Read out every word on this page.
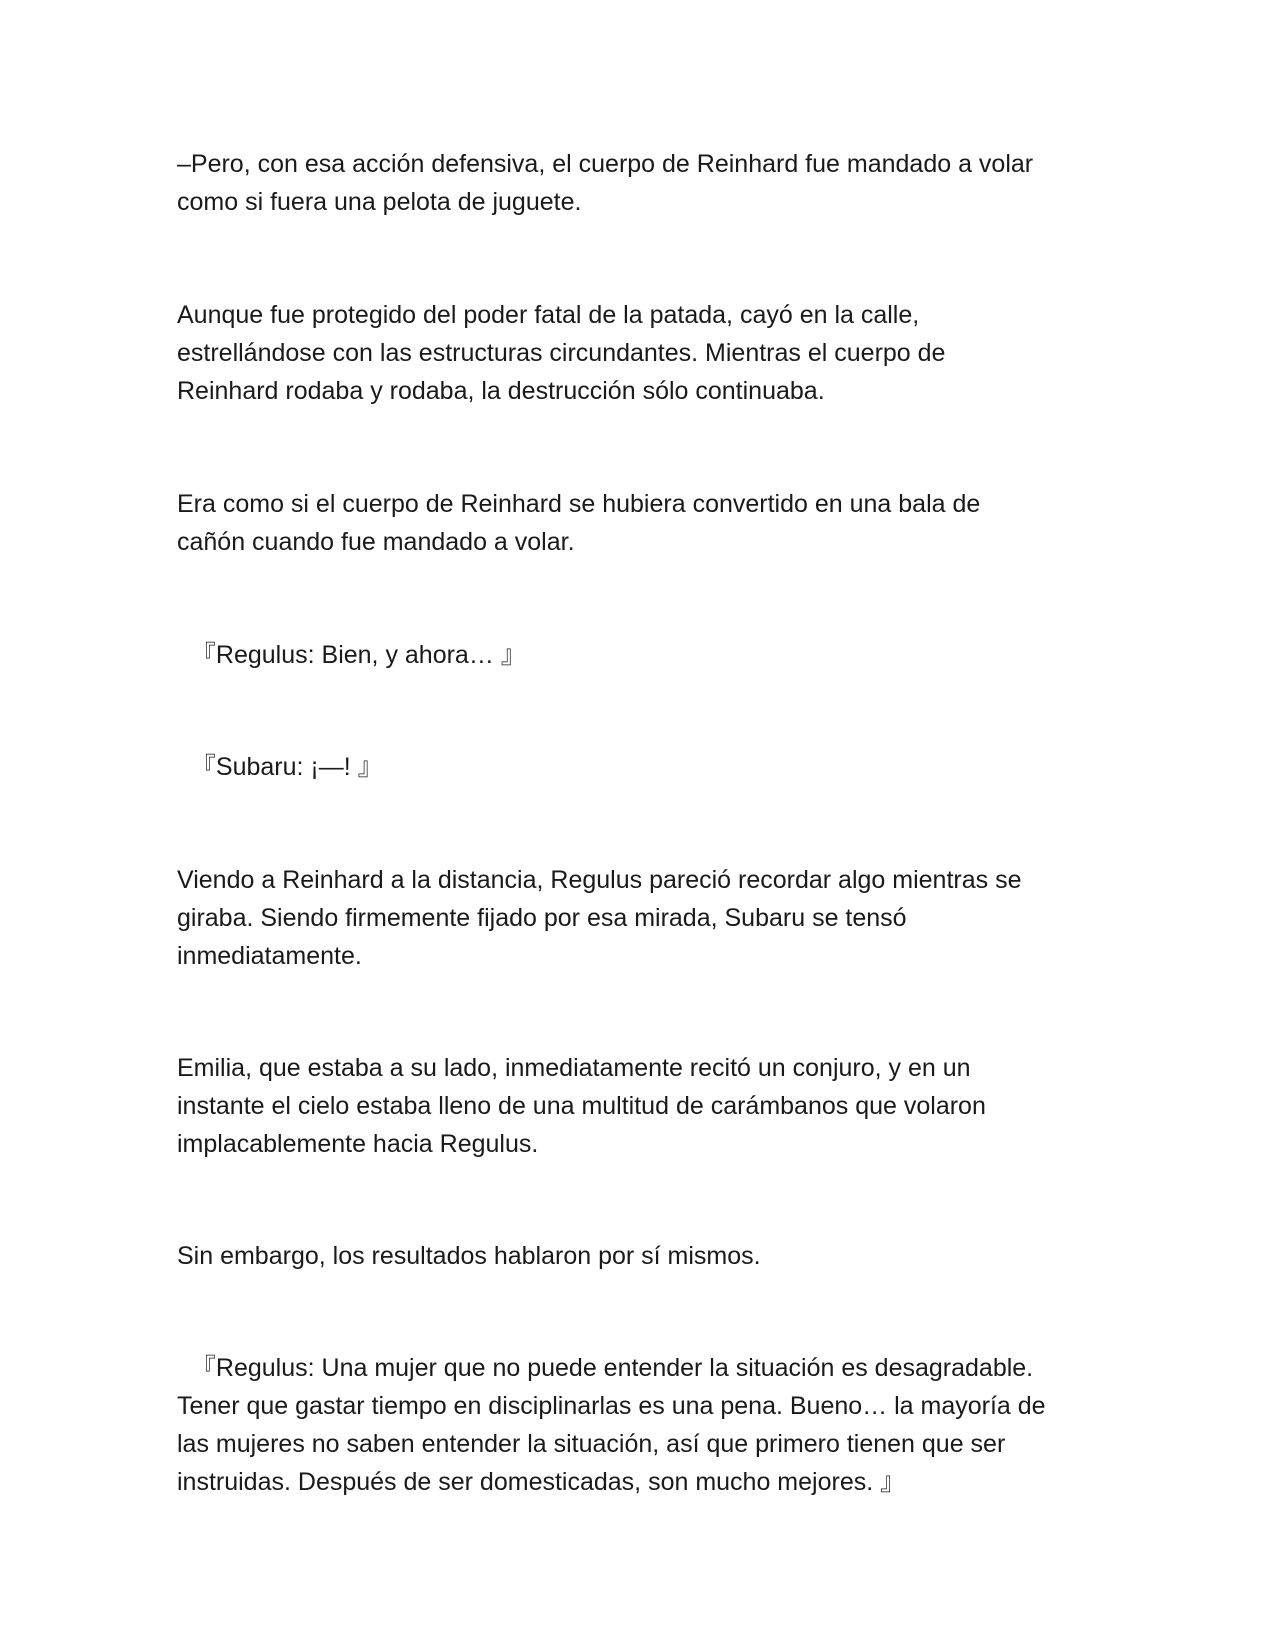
–Pero, con esa acción defensiva, el cuerpo de Reinhard fue mandado a volar
como si fuera una pelota de juguete.

Aunque fue protegido del poder fatal de la patada, cayó en la calle,
estrellándose con las estructuras circundantes. Mientras el cuerpo de
Reinhard rodaba y rodaba, la destrucción sólo continuaba.

Era como si el cuerpo de Reinhard se hubiera convertido en una bala de
cañón cuando fue mandado a volar.

『Regulus: Bien, y ahora… 』

『Subaru: ¡—! 』

Viendo a Reinhard a la distancia, Regulus pareció recordar algo mientras se
giraba. Siendo firmemente fijado por esa mirada, Subaru se tensó
inmediatamente.

Emilia, que estaba a su lado, inmediatamente recitó un conjuro, y en un
instante el cielo estaba lleno de una multitud de carámbanos que volaron
implacablemente hacia Regulus.

Sin embargo, los resultados hablaron por sí mismos.

『Regulus: Una mujer que no puede entender la situación es desagradable.
Tener que gastar tiempo en disciplinarlas es una pena. Bueno… la mayoría de
las mujeres no saben entender la situación, así que primero tienen que ser
instruidas. Después de ser domesticadas, son mucho mejores. 』
